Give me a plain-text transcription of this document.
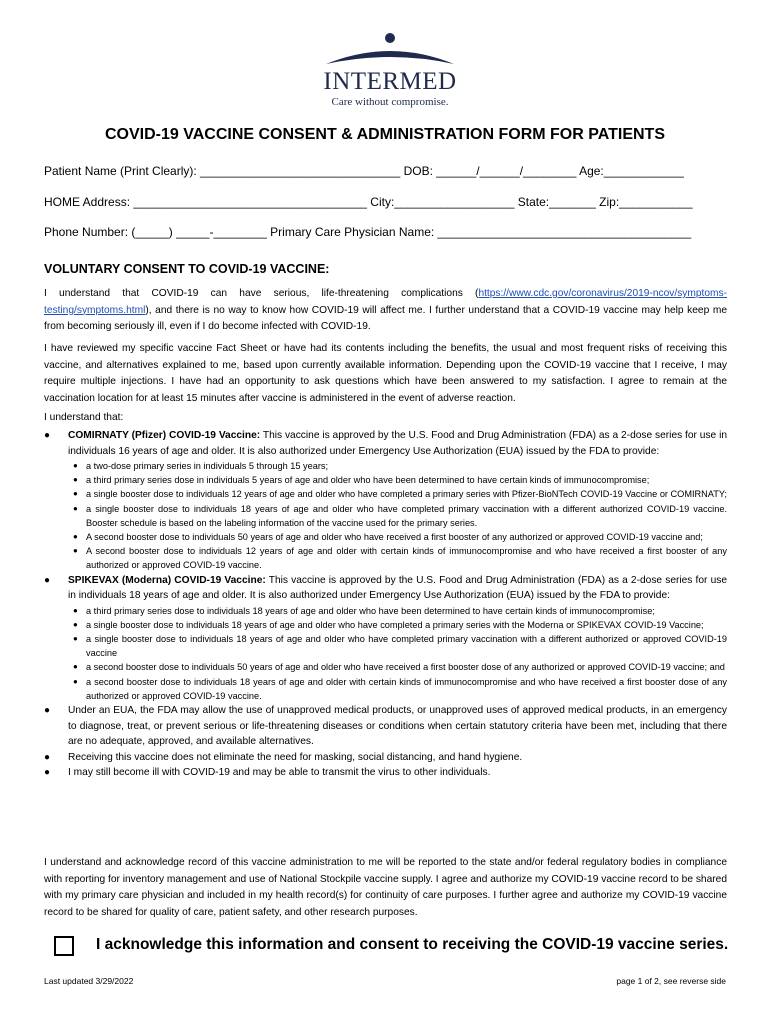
INTERMED
Care without compromise.
COVID-19 VACCINE CONSENT & ADMINISTRATION FORM FOR PATIENTS
Patient Name (Print Clearly): ______________________________ DOB: ______/______/________ Age:____________
HOME Address: ___________________________________ City:__________________ State:_______ Zip:___________
Phone Number: (_____) _____-________ Primary Care Physician Name: ______________________________________
VOLUNTARY CONSENT TO COVID-19 VACCINE:
I understand that COVID-19 can have serious, life-threatening complications (https://www.cdc.gov/coronavirus/2019-ncov/symptoms-testing/symptoms.html), and there is no way to know how COVID-19 will affect me. I further understand that a COVID-19 vaccine may help keep me from becoming seriously ill, even if I do become infected with COVID-19.
I have reviewed my specific vaccine Fact Sheet or have had its contents including the benefits, the usual and most frequent risks of receiving this vaccine, and alternatives explained to me, based upon currently available information. Depending upon the COVID-19 vaccine that I receive, I may require multiple injections. I have had an opportunity to ask questions which have been answered to my satisfaction. I agree to remain at the vaccination location for at least 15 minutes after vaccine is administered in the event of adverse reaction.
I understand that:
● COMIRNATY (Pfizer) COVID-19 Vaccine: This vaccine is approved by the U.S. Food and Drug Administration (FDA) as a 2-dose series for use in individuals 16 years of age and older. It is also authorized under Emergency Use Authorization (EUA) issued by the FDA to provide:
● a two-dose primary series in individuals 5 through 15 years;
● a third primary series dose in individuals 5 years of age and older who have been determined to have certain kinds of immunocompromise;
● a single booster dose to individuals 12 years of age and older who have completed a primary series with Pfizer-BioNTech COVID-19 Vaccine or COMIRNATY;
● a single booster dose to individuals 18 years of age and older who have completed primary vaccination with a different authorized COVID-19 vaccine. Booster schedule is based on the labeling information of the vaccine used for the primary series.
● A second booster dose to individuals 50 years of age and older who have received a first booster of any authorized or approved COVID-19 vaccine and;
● A second booster dose to individuals 12 years of age and older with certain kinds of immunocompromise and who have received a first booster of any authorized or approved COVID-19 vaccine.
● SPIKEVAX (Moderna) COVID-19 Vaccine: This vaccine is approved by the U.S. Food and Drug Administration (FDA) as a 2-dose series for use in individuals 18 years of age and older. It is also authorized under Emergency Use Authorization (EUA) issued by the FDA to provide:
● a third primary series dose to individuals 18 years of age and older who have been determined to have certain kinds of immunocompromise;
● a single booster dose to individuals 18 years of age and older who have completed a primary series with the Moderna or SPIKEVAX COVID-19 Vaccine;
● a single booster dose to individuals 18 years of age and older who have completed primary vaccination with a different authorized or approved COVID-19 vaccine
● a second booster dose to individuals 50 years of age and older who have received a first booster dose of any authorized or approved COVID-19 vaccine; and
● a second booster dose to individuals 18 years of age and older with certain kinds of immunocompromise and who have received a first booster dose of any authorized or approved COVID-19 vaccine.
● Under an EUA, the FDA may allow the use of unapproved medical products, or unapproved uses of approved medical products, in an emergency to diagnose, treat, or prevent serious or life-threatening diseases or conditions when certain statutory criteria have been met, including that there are no adequate, approved, and available alternatives.
● Receiving this vaccine does not eliminate the need for masking, social distancing, and hand hygiene.
● I may still become ill with COVID-19 and may be able to transmit the virus to other individuals.
I understand and acknowledge record of this vaccine administration to me will be reported to the state and/or federal regulatory bodies in compliance with reporting for inventory management and use of National Stockpile vaccine supply. I agree and authorize my COVID-19 vaccine record to be shared with my primary care physician and included in my health record(s) for continuity of care purposes. I further agree and authorize my COVID-19 vaccine record to be shared for quality of care, patient safety, and other research purposes.
I acknowledge this information and consent to receiving the COVID-19 vaccine series.
Last updated 3/29/2022	page 1 of 2, see reverse side
